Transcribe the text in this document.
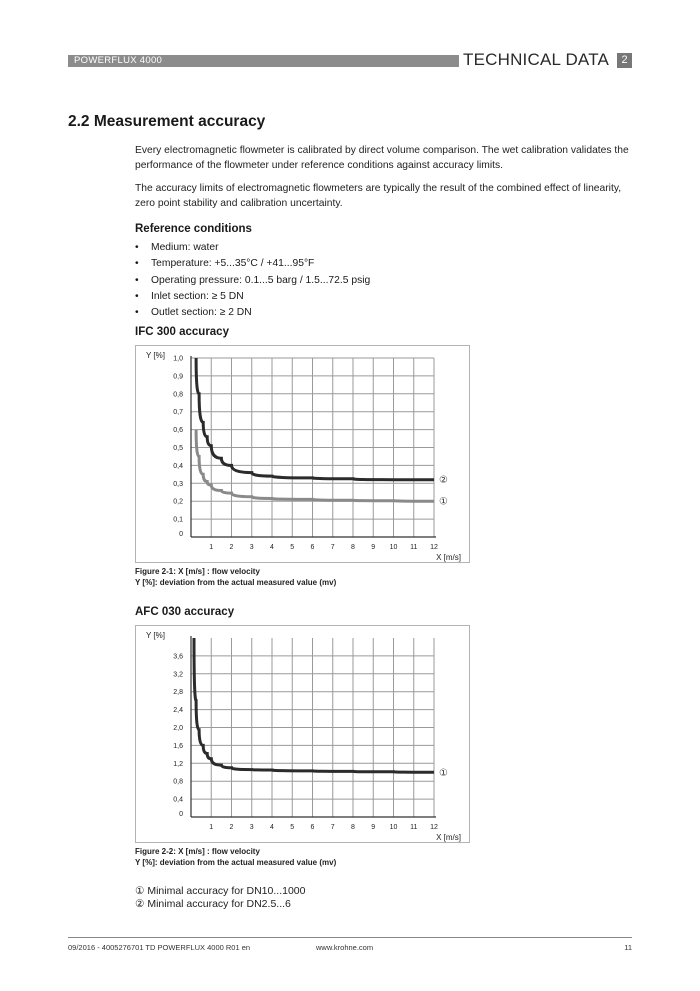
POWERFLUX 4000	TECHNICAL DATA	2
2.2 Measurement accuracy
Every electromagnetic flowmeter is calibrated by direct volume comparison. The wet calibration validates the performance of the flowmeter under reference conditions against accuracy limits.
The accuracy limits of electromagnetic flowmeters are typically the result of the combined effect of linearity, zero point stability and calibration uncertainty.
Reference conditions
• Medium: water
• Temperature: +5...35°C / +41...95°F
• Operating pressure: 0.1...5 barg / 1.5...72.5 psig
• Inlet section: ≥ 5 DN
• Outlet section: ≥ 2 DN
IFC 300 accuracy
1 2 3 4 5 6 7 8 9 10 11 12
0,1
0,2
0,3
0,4
0,5
0,6
0,7
0,8
0,9
1,0
0
Y [%]
X [m/s]
②
①
Figure 2-1: X [m/s] : flow velocity
Y [%]: deviation from the actual measured value (mv)
AFC 030 accuracy
1 2 3 4 5 6 7 8 9 10 11 12
0,4
0,8
1,2
1,6
2,0
2,4
2,8
3,2
3,6
0
Y [%]
X [m/s]
①
Figure 2-2: X [m/s] : flow velocity
Y [%]: deviation from the actual measured value (mv)
① Minimal accuracy for DN10...1000
② Minimal accuracy for DN2.5...6
09/2016 - 4005276701 TD POWERFLUX 4000 R01 en	www.krohne.com	11
